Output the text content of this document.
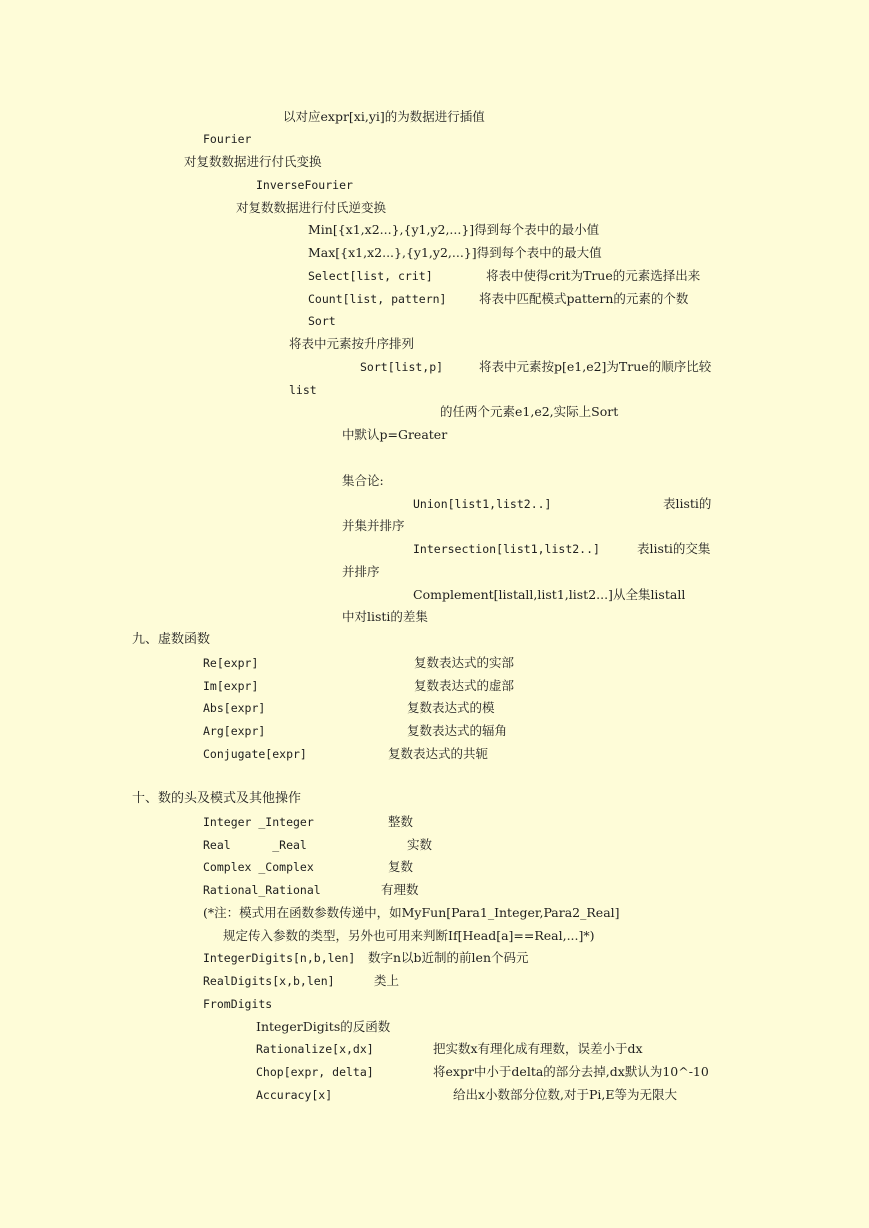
以对应expr[xi,yi]的为数据进行插值
Fourier
对复数数据进行付氏变换
InverseFourier
对复数数据进行付氏逆变换
Min[{x1,x2...},{y1,y2,...}]得到每个表中的最小值
Max[{x1,x2...},{y1,y2,...}]得到每个表中的最大值
Select[list, crit]	将表中使得crit为True的元素选择出来
Count[list, pattern]	将表中匹配模式pattern的元素的个数
Sort
将表中元素按升序排列
Sort[list,p]	将表中元素按p[e1,e2]为True的顺序比较
list
的任两个元素e1,e2,实际上Sort
中默认p=Greater
集合论:
Union[list1,list2..]	表listi的
并集并排序
Intersection[list1,list2..]	表listi的交集
并排序
Complement[listall,list1,list2...]从全集listall
中对listi的差集
九、虚数函数
Re[expr]	复数表达式的实部
Im[expr]	复数表达式的虚部
Abs[expr]	复数表达式的模
Arg[expr]	复数表达式的辐角
Conjugate[expr]	复数表达式的共轭
十、数的头及模式及其他操作
Integer _Integer	整数
Real      _Real	实数
Complex _Complex	复数
Rational_Rational	有理数
(*注：模式用在函数参数传递中，如MyFun[Para1_Integer,Para2_Real]
规定传入参数的类型，另外也可用来判断If[Head[a]==Real,...]*)
IntegerDigits[n,b,len] 数字n以b近制的前len个码元
RealDigits[x,b,len]	类上
FromDigits
IntegerDigits的反函数
Rationalize[x,dx]	把实数x有理化成有理数，误差小于dx
Chop[expr, delta]	将expr中小于delta的部分去掉,dx默认为10^-10
Accuracy[x]	给出x小数部分位数,对于Pi,E等为无限大
